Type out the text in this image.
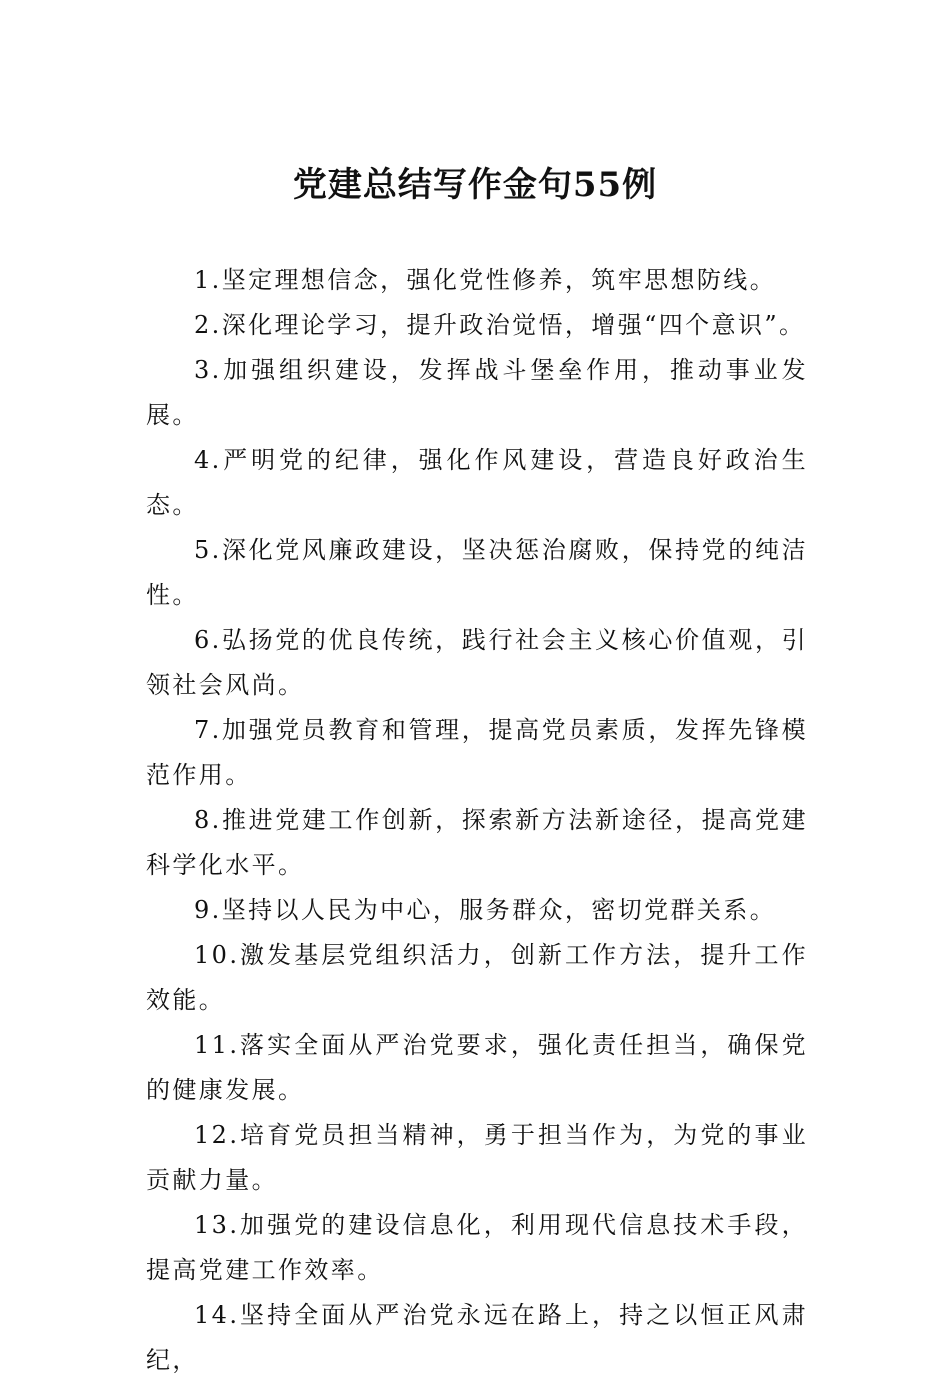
党建总结写作金句55例

1.坚定理想信念，强化党性修养，筑牢思想防线。

2.深化理论学习，提升政治觉悟，增强“四个意识”。

3.加强组织建设，发挥战斗堡垒作用，推动事业发展。

4.严明党的纪律，强化作风建设，营造良好政治生态。

5.深化党风廉政建设，坚决惩治腐败，保持党的纯洁性。

6.弘扬党的优良传统，践行社会主义核心价值观，引领社会风尚。

7.加强党员教育和管理，提高党员素质，发挥先锋模范作用。

8.推进党建工作创新，探索新方法新途径，提高党建科学化水平。

9.坚持以人民为中心，服务群众，密切党群关系。

10.激发基层党组织活力，创新工作方法，提升工作效能。

11.落实全面从严治党要求，强化责任担当，确保党的健康发展。

12.培育党员担当精神，勇于担当作为，为党的事业贡献力量。

13.加强党的建设信息化，利用现代信息技术手段，提高党建工作效率。

14.坚持全面从严治党永远在路上，持之以恒正风肃纪，
